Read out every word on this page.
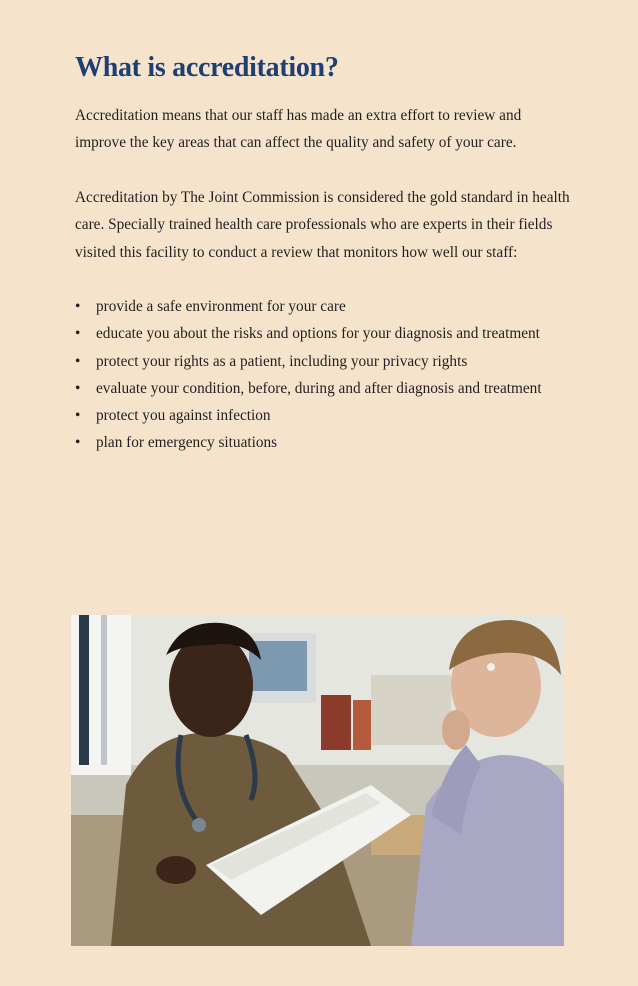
What is accreditation?

Accreditation means that our staff has made an extra effort to review and improve the key areas that can affect the quality and safety of your care.

Accreditation by The Joint Commission is considered the gold standard in health care. Specially trained health care professionals who are experts in their fields visited this facility to conduct a review that monitors how well our staff:

• provide a safe environment for your care
• educate you about the risks and options for your diagnosis and treatment
• protect your rights as a patient, including your privacy rights
• evaluate your condition, before, during and after diagnosis and treatment
• protect you against infection
• plan for emergency situations
